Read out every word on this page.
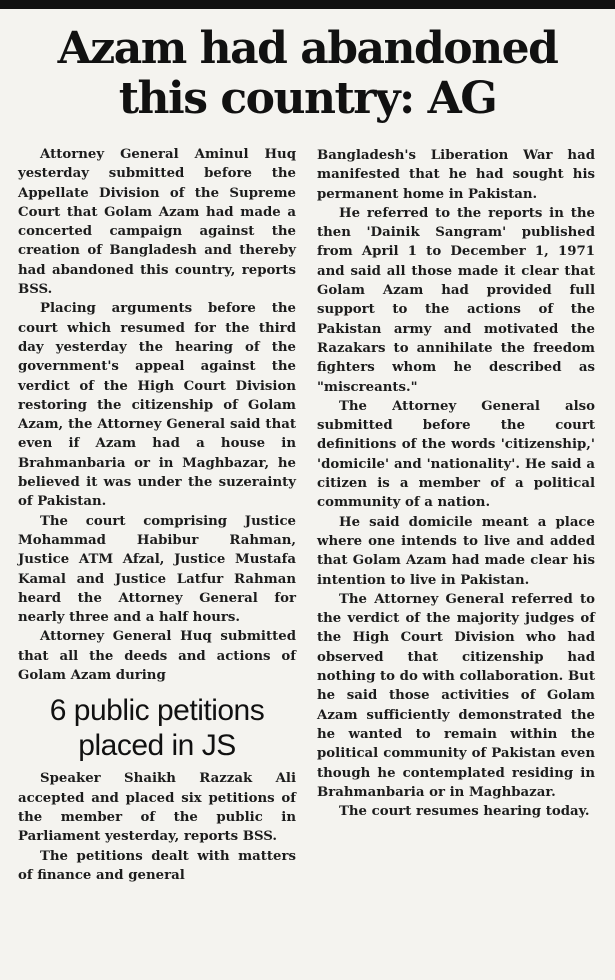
Azam had abandoned
this country: AG

Attorney General Aminul Huq yesterday submitted before the Appellate Division of the Supreme Court that Golam Azam had made a concerted campaign against the creation of Bangladesh and thereby had abandoned this country, reports BSS.

Placing arguments before the court which resumed for the third day yesterday the hearing of the government's appeal against the verdict of the High Court Division restoring the citizenship of Golam Azam, the Attorney General said that even if Azam had a house in Brahmanbaria or in Maghbazar, he believed it was under the suzerainty of Pakistan.

The court comprising Justice Mohammad Habibur Rahman, Justice ATM Afzal, Justice Mustafa Kamal and Justice Latfur Rahman heard the Attorney General for nearly three and a half hours.

Attorney General Huq submitted that all the deeds and actions of Golam Azam during

6 public petitions
placed in JS

Speaker Shaikh Razzak Ali accepted and placed six petitions of the member of the public in Parliament yesterday, reports BSS.

The petitions dealt with matters of finance and general

Bangladesh's Liberation War had manifested that he had sought his permanent home in Pakistan.

He referred to the reports in the then 'Dainik Sangram' published from April 1 to December 1, 1971 and said all those made it clear that Golam Azam had provided full support to the actions of the Pakistan army and motivated the Razakars to annihilate the freedom fighters whom he described as "miscreants."

The Attorney General also submitted before the court definitions of the words 'citizenship,' 'domicile' and 'nationality'. He said a citizen is a member of a political community of a nation.

He said domicile meant a place where one intends to live and added that Golam Azam had made clear his intention to live in Pakistan.

The Attorney General referred to the verdict of the majority judges of the High Court Division who had observed that citizenship had nothing to do with collaboration. But he said those activities of Golam Azam sufficiently demonstrated the he wanted to remain within the political community of Pakistan even though he contemplated residing in Brahmanbaria or in Maghbazar.

The court resumes hearing today.
